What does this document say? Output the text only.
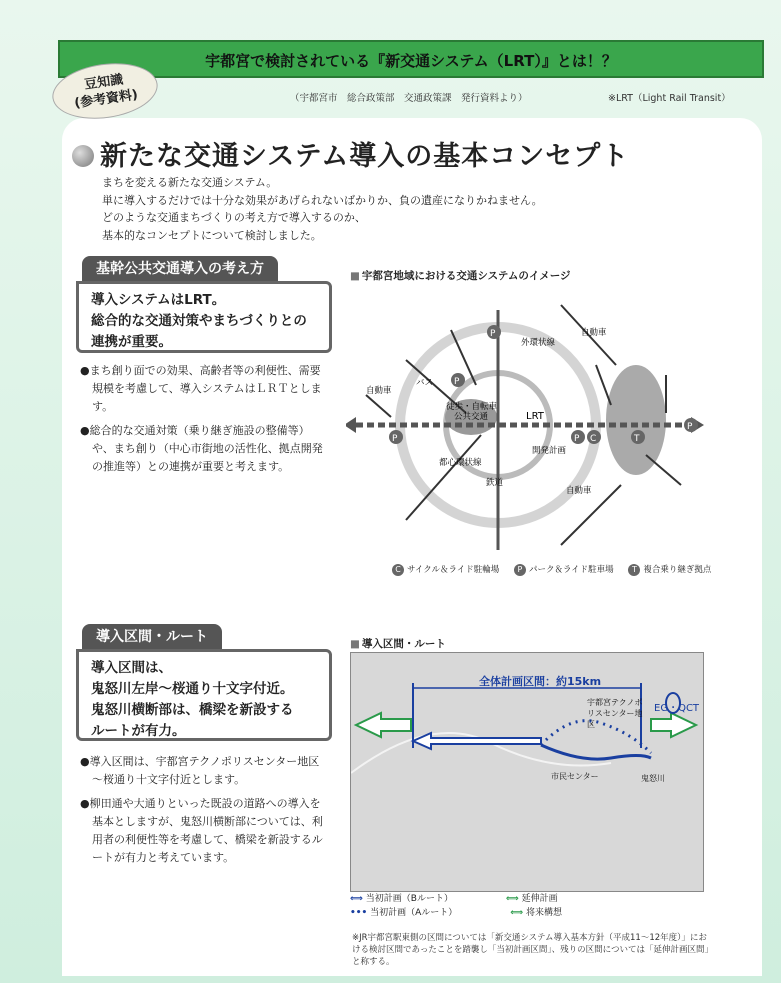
宇都宮で検討されている『新交通システム（LRT）』とは！？
豆知識
(参考資料)	（宇都宮市　総合政策部　交通政策課　発行資料より）	※LRT（Light Rail Transit）
新たな交通システム導入の基本コンセプト
まちを変える新たな交通システム。
単に導入するだけでは十分な効果があげられないばかりか、負の遺産になりかねません。
どのような交通まちづくりの考え方で導入するのか、
基本的なコンセプトについて検討しました。
基幹公共交通導入の考え方
導入システムはLRT。
総合的な交通対策やまちづくりとの
連携が重要。
●まち創り面での効果、高齢者等の利便性、需要規模を考慮して、導入システムはＬＲＴとします。
●総合的な交通対策（乗り継ぎ施設の整備等）や、まち創り（中心市街地の活性化、拠点開発の推進等）との連携が重要と考えます。
■ 宇都宮地域における交通システムのイメージ
P
P
P
P C	T
P
徒歩・自転車
公共交通	LRT
外環状線
都心環状線
鉄道
開発計画
自動車
自動車
自動車
バス
C サイクル＆ライド駐輪場 P パーク＆ライド駐車場 T 複合乗り継ぎ拠点
導入区間・ルート
導入区間は、
鬼怒川左岸～桜通り十文字付近。
鬼怒川横断部は、橋梁を新設する
ルートが有力。
●導入区間は、宇都宮テクノポリスセンター地区～桜通り十文字付近とします。
●柳田通や大通りといった既設の道路への導入を基本としますが、鬼怒川横断部については、利用者の利便性等を考慮して、橋梁を新設するルートが有力と考えています。
■ 導入区間・ルート
全体計画区間：約15km
EG・QCT
宇都宮テクノポリスセンター地区
市民センター	鬼怒川
⟺ 当初計画（Bルート）	⟺ 延伸計画
••• 当初計画（Aルート）	⟺ 将来構想
※JR宇都宮駅東側の区間については「新交通システム導入基本方針（平成11～12年度）」における検討区間であったことを踏襲し「当初計画区間」、残りの区間については「延伸計画区間」と称する。
